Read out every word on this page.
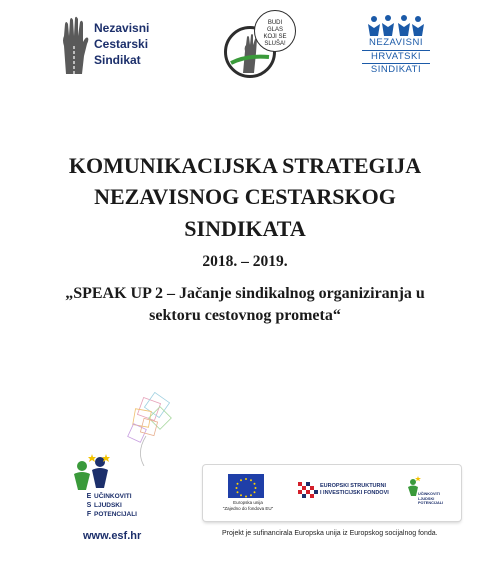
Nezavisni
Cestarski
Sindikat
BUDI
GLAS
KOJI SE
SLUŠA!	NEZAVISNI
HRVATSKI
SINDIKATI
KOMUNIKACIJSKA STRATEGIJA
NEZAVISNOG CESTARSKOG
SINDIKATA
2018. – 2019.
„SPEAK UP 2 – Jačanje sindikalnog organiziranja u
sektoru cestovnog prometa“
E
S
F
UČINKOVITI
LJUDSKI
POTENCIJALI
www.esf.hr
Europska unija
"Zajedno do fondova EU"
EUROPSKI STRUKTURNI
I INVESTICIJSKI FONDOVI	UČINKOVITI
LJUDSKI
POTENCIJALI
Projekt je sufinancirala Europska unija iz Europskog socijalnog fonda.
